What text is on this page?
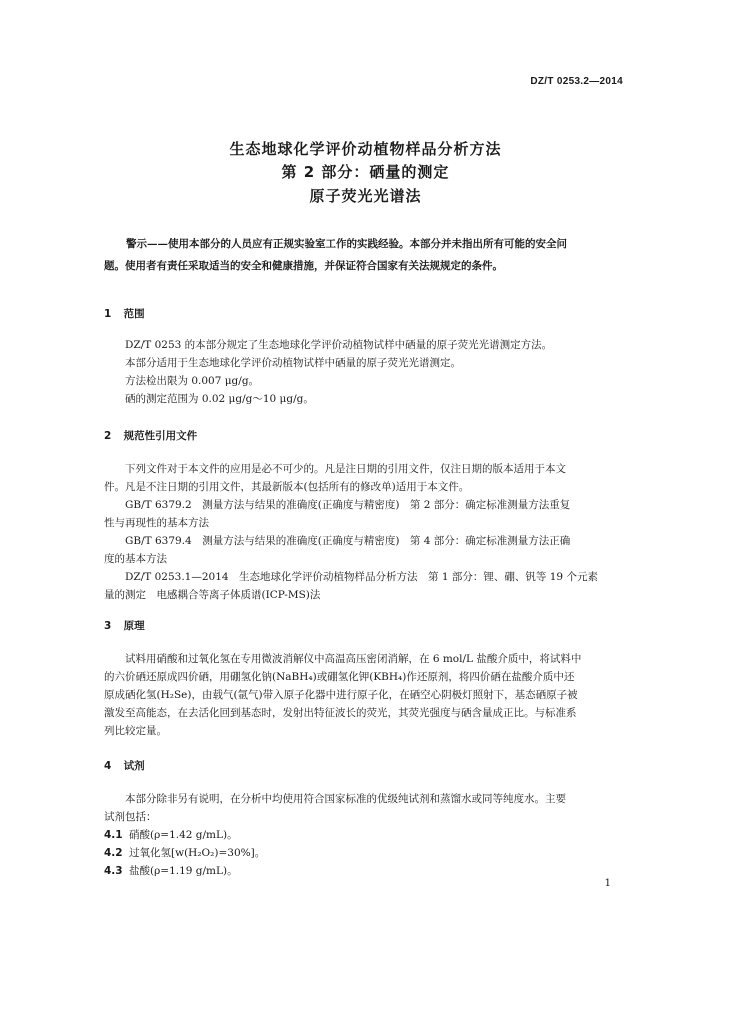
DZ/T 0253.2—2014
生态地球化学评价动植物样品分析方法
第 2 部分：硒量的测定
原子荧光光谱法
警示——使用本部分的人员应有正规实验室工作的实践经验。本部分并未指出所有可能的安全问
题。使用者有责任采取适当的安全和健康措施，并保证符合国家有关法规规定的条件。
1 范围

DZ/T 0253 的本部分规定了生态地球化学评价动植物试样中硒量的原子荧光光谱测定方法。

本部分适用于生态地球化学评价动植物试样中硒量的原子荧光光谱测定。

方法检出限为 0.007 μg/g。

硒的测定范围为 0.02 μg/g～10 μg/g。

2 规范性引用文件

下列文件对于本文件的应用是必不可少的。凡是注日期的引用文件，仅注日期的版本适用于本文

件。凡是不注日期的引用文件，其最新版本(包括所有的修改单)适用于本文件。

GB/T 6379.2　测量方法与结果的准确度(正确度与精密度)　第 2 部分：确定标准测量方法重复

性与再现性的基本方法

GB/T 6379.4　测量方法与结果的准确度(正确度与精密度)　第 4 部分：确定标准测量方法正确

度的基本方法

DZ/T 0253.1—2014　生态地球化学评价动植物样品分析方法　第 1 部分：锂、硼、钒等 19 个元素

量的测定　电感耦合等离子体质谱(ICP-MS)法

3 原理

试料用硝酸和过氧化氢在专用微波消解仪中高温高压密闭消解，在 6 mol/L 盐酸介质中，将试料中

的六价硒还原成四价硒，用硼氢化钠(NaBH₄)或硼氢化钾(KBH₄)作还原剂，将四价硒在盐酸介质中还

原成硒化氢(H₂Se)，由载气(氩气)带入原子化器中进行原子化，在硒空心阴极灯照射下，基态硒原子被

激发至高能态，在去活化回到基态时，发射出特征波长的荧光，其荧光强度与硒含量成正比。与标准系

列比较定量。

4 试剂

本部分除非另有说明，在分析中均使用符合国家标准的优级纯试剂和蒸馏水或同等纯度水。主要

试剂包括：

4.1 硝酸(ρ=1.42 g/mL)。
4.2 过氧化氢[w(H₂O₂)=30%]。
4.3 盐酸(ρ=1.19 g/mL)。
1
